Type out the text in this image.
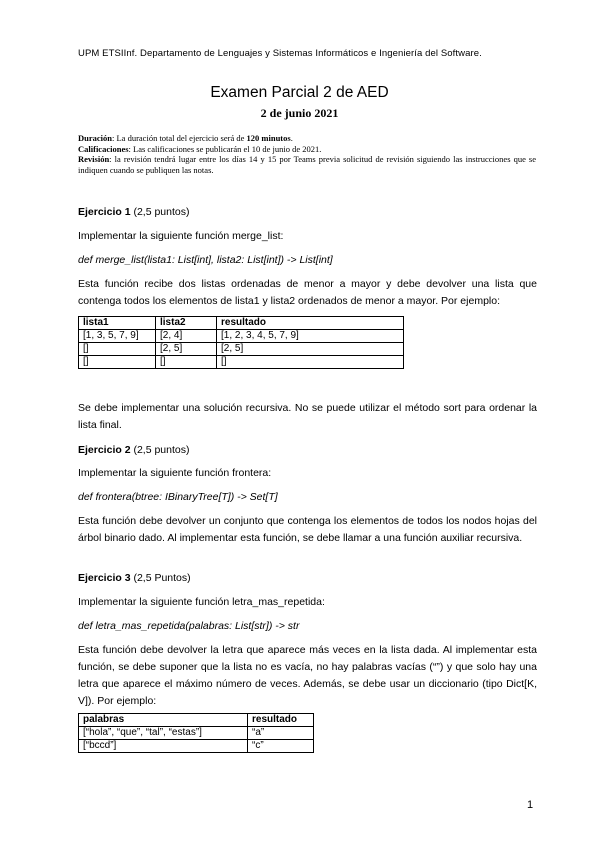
UPM ETSIInf. Departamento de Lenguajes y Sistemas Informáticos e Ingeniería del Software.
Examen Parcial 2 de AED
2 de junio 2021

Duración: La duración total del ejercicio será de 120 minutos.

Calificaciones: Las calificaciones se publicarán el 10 de junio de 2021.

Revisión: la revisión tendrá lugar entre los días 14 y 15 por Teams previa solicitud de revisión siguiendo las instrucciones que se indiquen cuando se publiquen las notas.

Ejercicio 1 (2,5 puntos)

Implementar la siguiente función merge_list:

def merge_list(lista1: List[int], lista2: List[int]) -> List[int]

Esta función recibe dos listas ordenadas de menor a mayor y debe devolver una lista que contenga todos los elementos de lista1 y lista2 ordenados de menor a mayor. Por ejemplo:

lista1	lista2	resultado
[1, 3, 5, 7, 9]	[2, 4]	[1, 2, 3, 4, 5, 7, 9]
[]	[2, 5]	[2, 5]
[]	[]	[]

Se debe implementar una solución recursiva. No se puede utilizar el método sort para ordenar la lista final.

Ejercicio 2 (2,5 puntos)

Implementar la siguiente función frontera:

def frontera(btree: IBinaryTree[T]) -> Set[T]

Esta función debe devolver un conjunto que contenga los elementos de todos los nodos hojas del árbol binario dado. Al implementar esta función, se debe llamar a una función auxiliar recursiva.

Ejercicio 3 (2,5 Puntos)

Implementar la siguiente función letra_mas_repetida:

def letra_mas_repetida(palabras: List[str]) -> str

Esta función debe devolver la letra que aparece más veces en la lista dada. Al implementar esta función, se debe suponer que la lista no es vacía, no hay palabras vacías (“”) y que solo hay una letra que aparece el máximo número de veces. Además, se debe usar un diccionario (tipo Dict[K, V]). Por ejemplo:

palabras	resultado
[“hola”, “que”, “tal”, “estas”]	“a”
[“bccd”]	“c”
1
